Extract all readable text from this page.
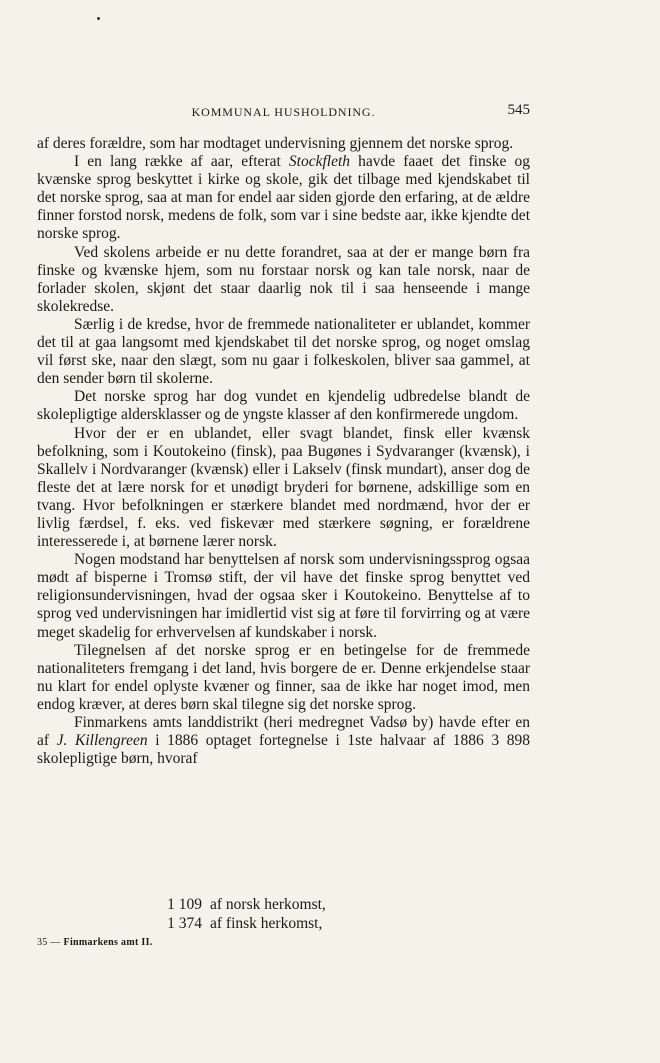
KOMMUNAL HUSHOLDNING.	545

af deres forældre, som har modtaget undervisning gjennem det norske sprog.

I en lang række af aar, efterat Stockfleth havde faaet det finske og kvænske sprog beskyttet i kirke og skole, gik det tilbage med kjendskabet til det norske sprog, saa at man for endel aar siden gjorde den erfaring, at de ældre finner forstod norsk, medens de folk, som var i sine bedste aar, ikke kjendte det norske sprog.

Ved skolens arbeide er nu dette forandret, saa at der er mange børn fra finske og kvænske hjem, som nu forstaar norsk og kan tale norsk, naar de forlader skolen, skjønt det staar daarlig nok til i saa henseende i mange skolekredse.

Særlig i de kredse, hvor de fremmede nationaliteter er ublandet, kommer det til at gaa langsomt med kjendskabet til det norske sprog, og noget omslag vil først ske, naar den slægt, som nu gaar i folkeskolen, bliver saa gammel, at den sender børn til skolerne.

Det norske sprog har dog vundet en kjendelig udbredelse blandt de skolepligtige aldersklasser og de yngste klasser af den konfirmerede ungdom.

Hvor der er en ublandet, eller svagt blandet, finsk eller kvænsk befolkning, som i Koutokeino (finsk), paa Bugønes i Sydvaranger (kvænsk), i Skallelv i Nordvaranger (kvænsk) eller i Lakselv (finsk mundart), anser dog de fleste det at lære norsk for et unødigt bryderi for børnene, adskillige som en tvang. Hvor befolkningen er stærkere blandet med nordmænd, hvor der er livlig færdsel, f. eks. ved fiskevær med stærkere søgning, er forældrene interesserede i, at børnene lærer norsk.

Nogen modstand har benyttelsen af norsk som undervisningssprog ogsaa mødt af bisperne i Tromsø stift, der vil have det finske sprog benyttet ved religionsundervisningen, hvad der ogsaa sker i Koutokeino. Benyttelse af to sprog ved undervisningen har imidlertid vist sig at føre til forvirring og at være meget skadelig for erhvervelsen af kundskaber i norsk.

Tilegnelsen af det norske sprog er en betingelse for de fremmede nationaliteters fremgang i det land, hvis borgere de er. Denne erkjendelse staar nu klart for endel oplyste kvæner og finner, saa de ikke har noget imod, men endog kræver, at deres børn skal tilegne sig det norske sprog.

Finmarkens amts landdistrikt (heri medregnet Vadsø by) havde efter en af J. Killengreen i 1886 optaget fortegnelse i 1ste halvaar af 1886 3 898 skolepligtige børn, hvoraf

1 109 af norsk herkomst,
1 374 af finsk herkomst,
35 — Finmarkens amt II.
